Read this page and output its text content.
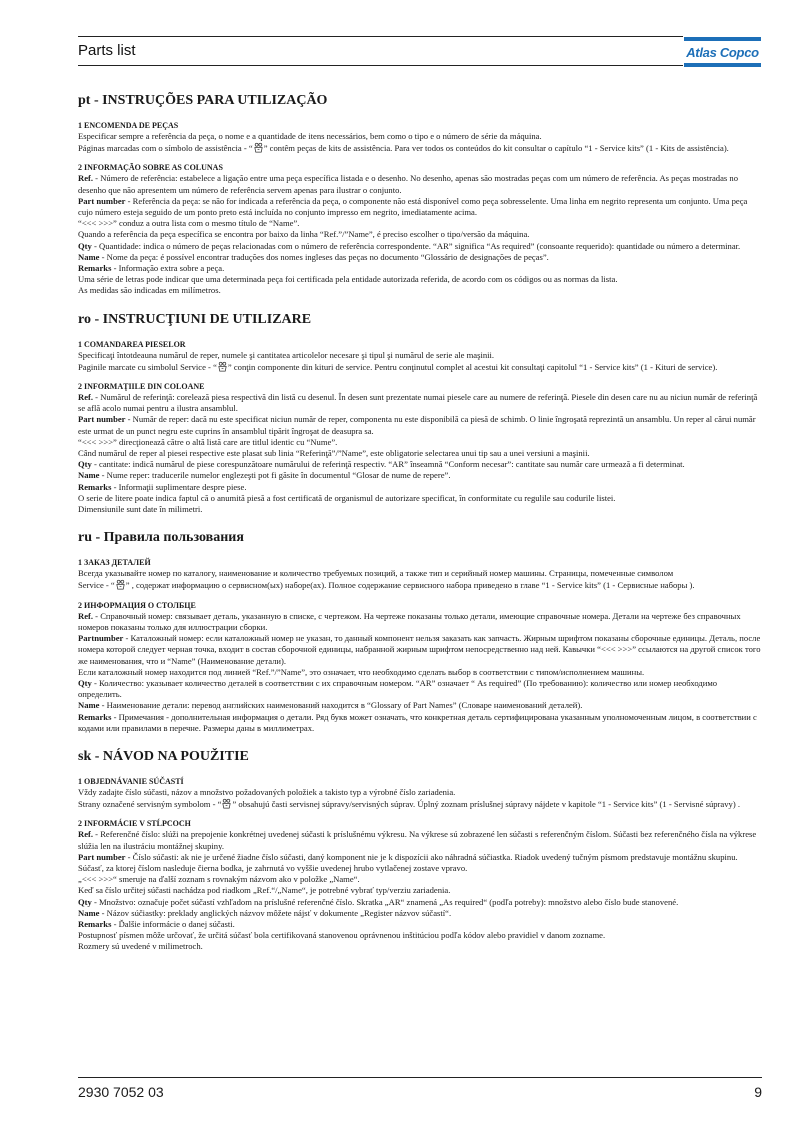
Parts list	Atlas Copco
pt - INSTRUÇÕES PARA UTILIZAÇÃO
1 ENCOMENDA DE PEÇAS
Especificar sempre a referência da peça, o nome e a quantidade de itens necessários, bem como o tipo e o número de série da máquina.
Páginas marcadas com o símbolo de assistência - “ ” contêm peças de kits de assistência. Para ver todos os conteúdos do kit consultar o capítulo “1 - Service kits” (1 - Kits de assistência).
2 INFORMAÇÃO SOBRE AS COLUNAS
Ref. - Número de referência: estabelece a ligação entre uma peça específica listada e o desenho. No desenho, apenas são mostradas peças com um número de referência. As peças mostradas no desenho que não apresentem um número de referência servem apenas para ilustrar o conjunto.
Part number - Referência da peça: se não for indicada a referência da peça, o componente não está disponível como peça sobresselente. Uma linha em negrito representa um conjunto. Uma peça cujo número esteja seguido de um ponto preto está incluída no conjunto impresso em negrito, imediatamente acima.
“<<< >>>” conduz a outra lista com o mesmo título de “Name”.
Quando a referência da peça específica se encontra por baixo da linha “Ref.”/”Name”, é preciso escolher o tipo/versão da máquina.
Qty - Quantidade: indica o número de peças relacionadas com o número de referência correspondente. “AR” significa “As required” (consoante requerido): quantidade ou número a determinar.
Name - Nome da peça: é possível encontrar traduções dos nomes ingleses das peças no documento “Glossário de designações de peças”.
Remarks - Informação extra sobre a peça.
Uma série de letras pode indicar que uma determinada peça foi certificada pela entidade autorizada referida, de acordo com os códigos ou as normas da lista.
As medidas são indicadas em milímetros.
ro - INSTRUCŢIUNI DE UTILIZARE
1 COMANDAREA PIESELOR
Specificaţi întotdeauna numărul de reper, numele şi cantitatea articolelor necesare şi tipul şi numărul de serie ale maşinii.
Paginile marcate cu simbolul Service - “ ” conţin componente din kituri de service. Pentru conţinutul complet al acestui kit consultaţi capitolul “1 - Service kits” (1 - Kituri de service).
2 INFORMAŢIILE DIN COLOANE
Ref. - Numărul de referinţă: corelează piesa respectivă din listă cu desenul. În desen sunt prezentate numai piesele care au numere de referinţă. Piesele din desen care nu au niciun număr de referinţă se află acolo numai pentru a ilustra ansamblul.
Part number - Număr de reper: dacă nu este specificat niciun număr de reper, componenta nu este disponibilă ca piesă de schimb. O linie îngroşată reprezintă un ansamblu. Un reper al cărui număr este urmat de un punct negru este cuprins în ansamblul tipărit îngroşat de deasupra sa.
“<<< >>>” direcţionează către o altă listă care are titlul identic cu “Nume”.
Când numărul de reper al piesei respective este plasat sub linia “Referinţă”/”Name”, este obligatorie selectarea unui tip sau a unei versiuni a maşinii.
Qty - cantitate: indică numărul de piese corespunzătoare numărului de referinţă respectiv. “AR” înseamnă “Conform necesar”: cantitate sau număr care urmează a fi determinat.
Name - Nume reper: traducerile numelor englezeşti pot fi găsite în documentul “Glosar de nume de repere”.
Remarks - Informaţii suplimentare despre piese.
O serie de litere poate indica faptul că o anumită piesă a fost certificată de organismul de autorizare specificat, în conformitate cu regulile sau codurile listei.
Dimensiunile sunt date în milimetri.
ru - Правила пользования
1 ЗАКАЗ ДЕТАЛЕЙ
Всегда указывайте номер по каталогу, наименование и количество требуемых позиций, а также тип и серийный номер машины. Страницы, помеченные символом
Service - “ ” , содержат информацию о сервисном(ых) наборе(ах). Полное содержание сервисного набора приведено в главе “1 - Service kits” (1 - Сервисные наборы ).
2 ИНФОРМАЦИЯ О СТОЛБЦЕ
Ref. - Справочный номер: связывает деталь, указанную в списке, с чертежом. На чертеже показаны только детали, имеющие справочные номера. Детали на чертеже без справочных номеров показаны только для иллюстрации сборки.
Partnumber - Каталожный номер: если каталожный номер не указан, то данный компонент нельзя заказать как запчасть. Жирным шрифтом показаны сборочные единицы. Деталь, после номера которой следует черная точка, входит в состав сборочной единицы, набранной жирным шрифтом непосредственно над ней. Кавычки “<<< >>>” ссылаются на другой список того же наименования, что и “Name” (Наименование детали).
Если каталожный номер находится под линией “Ref.”/”Name”, это означает, что необходимо сделать выбор в соответствии с типом/исполнением машины.
Qty - Количество: указывает количество деталей в соответствии с их справочным номером. “AR” означает “ As required” (По требованию): количество или номер необходимо определить.
Name - Наименование детали: перевод английских наименований находится в “Glossary of Part Names” (Словаре наименований деталей).
Remarks - Примечания - дополнительная информация о детали. Ряд букв может означать, что конкретная деталь сертифицирована указанным уполномоченным лицом, в соответствии с кодами или правилами в перечне. Размеры даны в миллиметрах.
sk - NÁVOD NA POUŽITIE
1 OBJEDNÁVANIE SÚČASTÍ
Vždy zadajte číslo súčasti, názov a množstvo požadovaných položiek a takisto typ a výrobné číslo zariadenia.
Strany označené servisným symbolom - “ ” obsahujú časti servisnej súpravy/servisných súprav. Úplný zoznam príslušnej súpravy nájdete v kapitole “1 - Service kits” (1 - Servisné súpravy) .
2 INFORMÁCIE V STĹPCOCH
Ref. - Referenčné číslo: slúži na prepojenie konkrétnej uvedenej súčasti k príslušnému výkresu. Na výkrese sú zobrazené len súčasti s referenčným číslom. Súčasti bez referenčného čísla na výkrese slúžia len na ilustráciu montážnej skupiny.
Part number - Číslo súčasti: ak nie je určené žiadne číslo súčasti, daný komponent nie je k dispozícii ako náhradná súčiastka. Riadok uvedený tučným písmom predstavuje montážnu skupinu. Súčasť, za ktorej číslom nasleduje čierna bodka, je zahrnutá vo vyššie uvedenej hrubo vytlačenej zostave vpravo.
„<<< >>>“ smeruje na ďalší zoznam s rovnakým názvom ako v položke „Name“.
Keď sa číslo určitej súčasti nachádza pod riadkom „Ref.“/„Name“, je potrebné vybrať typ/verziu zariadenia.
Qty - Množstvo: označuje počet súčastí vzhľadom na príslušné referenčné číslo. Skratka „AR“ znamená „As required“ (podľa potreby): množstvo alebo číslo bude stanovené.
Name - Názov súčiastky: preklady anglických názvov môžete nájsť v dokumente „Register názvov súčastí“.
Remarks - Ďalšie informácie o danej súčasti.
Postupnosť písmen môže určovať, že určitá súčasť bola certifikovaná stanovenou oprávnenou inštitúciou podľa kódov alebo pravidiel v danom zozname.
Rozmery sú uvedené v milimetroch.
2930 7052 03	9
